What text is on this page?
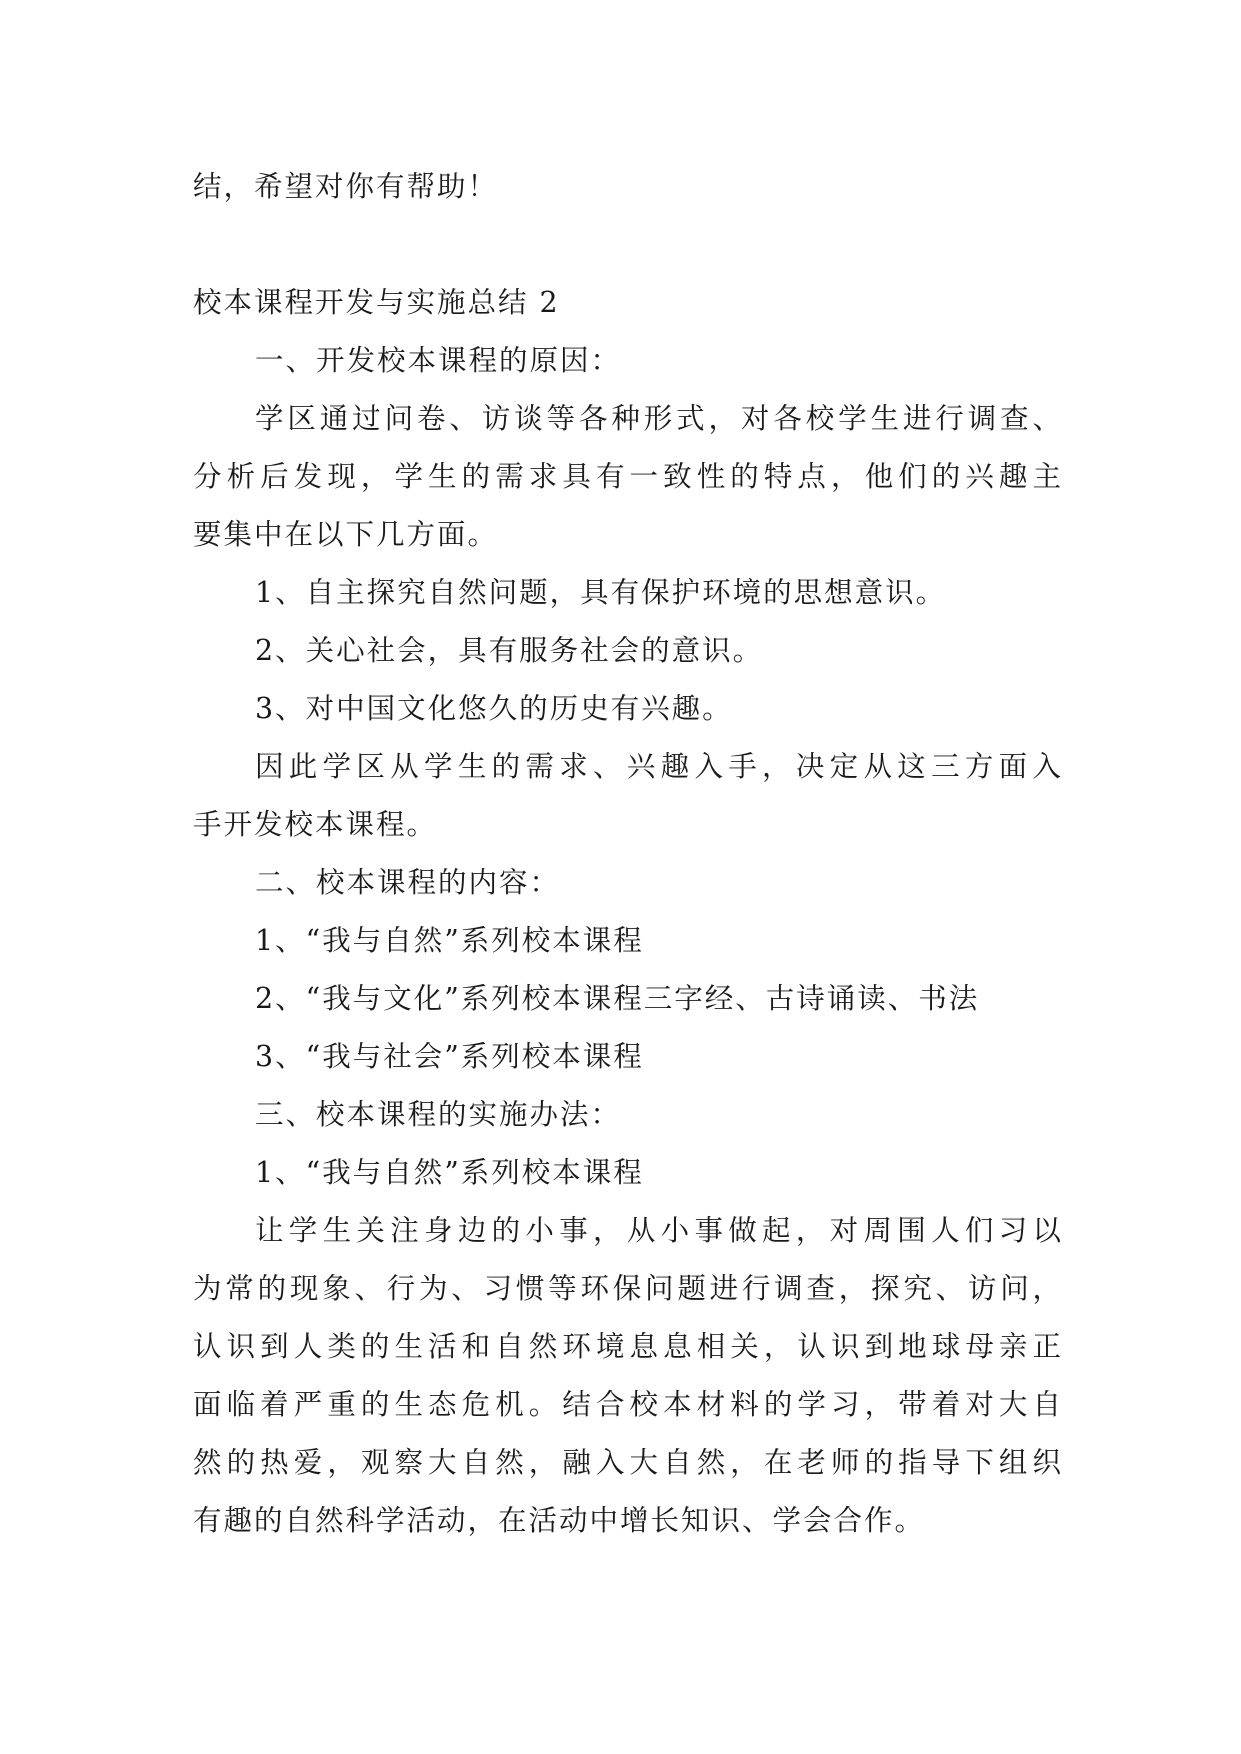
结，希望对你有帮助！
校本课程开发与实施总结 2
一、开发校本课程的原因：
学区通过问卷、访谈等各种形式，对各校学生进行调查、
分析后发现，学生的需求具有一致性的特点，他们的兴趣主
要集中在以下几方面。
1、自主探究自然问题，具有保护环境的思想意识。
2、关心社会，具有服务社会的意识。
3、对中国文化悠久的历史有兴趣。
因此学区从学生的需求、兴趣入手，决定从这三方面入
手开发校本课程。
二、校本课程的内容：
1、“我与自然”系列校本课程
2、“我与文化”系列校本课程三字经、古诗诵读、书法
3、“我与社会”系列校本课程
三、校本课程的实施办法：
1、“我与自然”系列校本课程
让学生关注身边的小事，从小事做起，对周围人们习以
为常的现象、行为、习惯等环保问题进行调查，探究、访问，
认识到人类的生活和自然环境息息相关，认识到地球母亲正
面临着严重的生态危机。结合校本材料的学习，带着对大自
然的热爱，观察大自然，融入大自然，在老师的指导下组织
有趣的自然科学活动，在活动中增长知识、学会合作。
